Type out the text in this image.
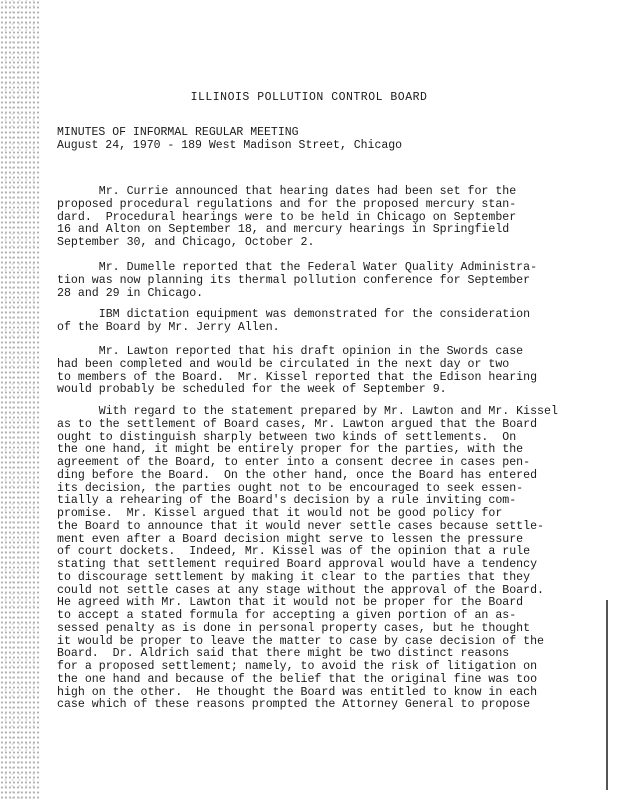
ILLINOIS POLLUTION CONTROL BOARD
MINUTES OF INFORMAL REGULAR MEETING
August 24, 1970 - 189 West Madison Street, Chicago
Mr. Currie announced that hearing dates had been set for the
proposed procedural regulations and for the proposed mercury stan-
dard.  Procedural hearings were to be held in Chicago on September
16 and Alton on September 18, and mercury hearings in Springfield
September 30, and Chicago, October 2.
Mr. Dumelle reported that the Federal Water Quality Administra-
tion was now planning its thermal pollution conference for September
28 and 29 in Chicago.
IBM dictation equipment was demonstrated for the consideration
of the Board by Mr. Jerry Allen.
Mr. Lawton reported that his draft opinion in the Swords case
had been completed and would be circulated in the next day or two
to members of the Board.  Mr. Kissel reported that the Edison hearing
would probably be scheduled for the week of September 9.
With regard to the statement prepared by Mr. Lawton and Mr. Kissel
as to the settlement of Board cases, Mr. Lawton argued that the Board
ought to distinguish sharply between two kinds of settlements.  On
the one hand, it might be entirely proper for the parties, with the
agreement of the Board, to enter into a consent decree in cases pen-
ding before the Board.  On the other hand, once the Board has entered
its decision, the parties ought not to be encouraged to seek essen-
tially a rehearing of the Board's decision by a rule inviting com-
promise.  Mr. Kissel argued that it would not be good policy for
the Board to announce that it would never settle cases because settle-
ment even after a Board decision might serve to lessen the pressure
of court dockets.  Indeed, Mr. Kissel was of the opinion that a rule
stating that settlement required Board approval would have a tendency
to discourage settlement by making it clear to the parties that they
could not settle cases at any stage without the approval of the Board.
He agreed with Mr. Lawton that it would not be proper for the Board
to accept a stated formula for accepting a given portion of an as-
sessed penalty as is done in personal property cases, but he thought
it would be proper to leave the matter to case by case decision of the
Board.  Dr. Aldrich said that there might be two distinct reasons
for a proposed settlement; namely, to avoid the risk of litigation on
the one hand and because of the belief that the original fine was too
high on the other.  He thought the Board was entitled to know in each
case which of these reasons prompted the Attorney General to propose
